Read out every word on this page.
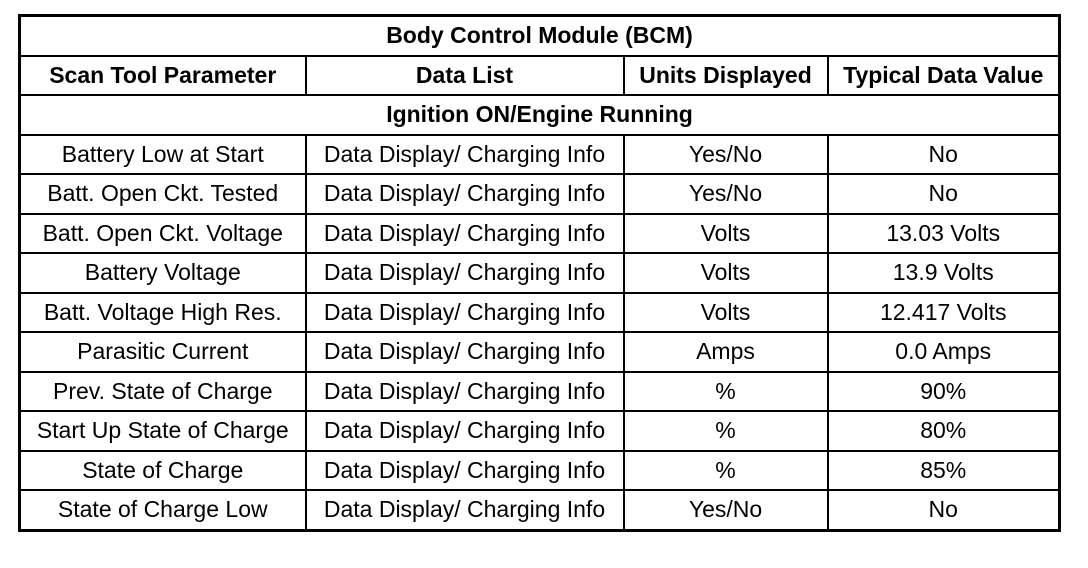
Body Control Module (BCM)			
Scan Tool Parameter	Data List	Units Displayed	Typical Data Value
Ignition ON/Engine Running			
Battery Low at Start	Data Display/ Charging Info	Yes/No	No
Batt. Open Ckt. Tested	Data Display/ Charging Info	Yes/No	No
Batt. Open Ckt. Voltage	Data Display/ Charging Info	Volts	13.03 Volts
Battery Voltage	Data Display/ Charging Info	Volts	13.9 Volts
Batt. Voltage High Res.	Data Display/ Charging Info	Volts	12.417 Volts
Parasitic Current	Data Display/ Charging Info	Amps	0.0 Amps
Prev. State of Charge	Data Display/ Charging Info	%	90%
Start Up State of Charge	Data Display/ Charging Info	%	80%
State of Charge	Data Display/ Charging Info	%	85%
State of Charge Low	Data Display/ Charging Info	Yes/No	No
